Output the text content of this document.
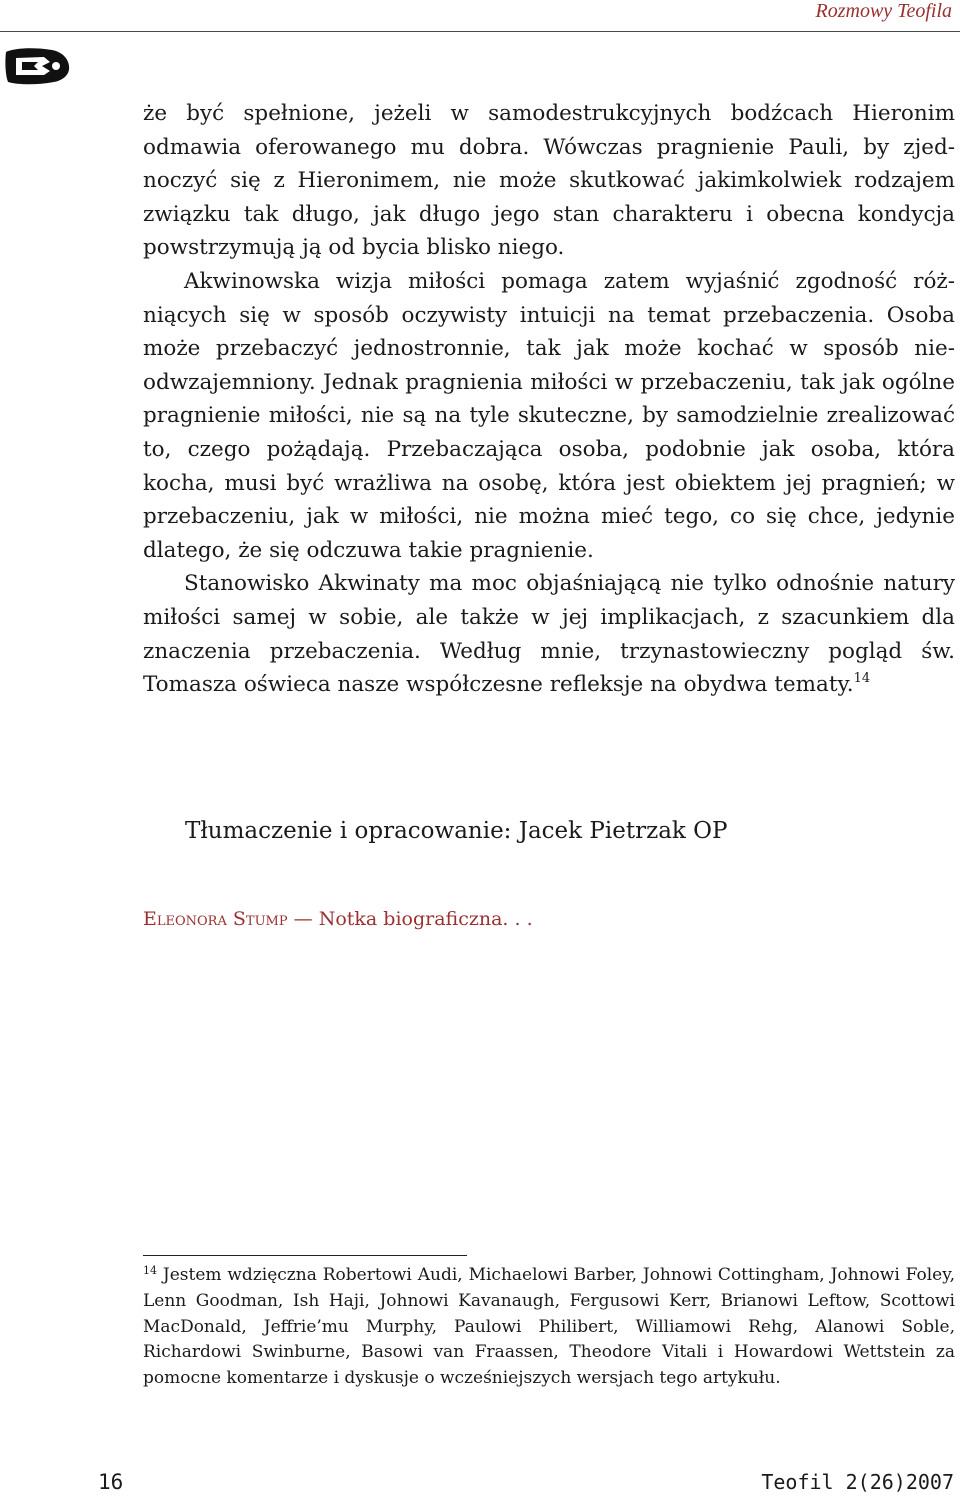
Rozmowy Teofila

że być spełnione, jeżeli w samodestrukcyjnych bodźcach Hieronim odmawia oferowanego mu dobra. Wówczas pragnienie Pauli, by zjednoczyć się z Hieronimem, nie może skutkować jakimkolwiek rodzajem związku tak długo, jak długo jego stan charakteru i obecna kondycja powstrzymują ją od bycia blisko niego.

Akwinowska wizja miłości pomaga zatem wyjaśnić zgodność różniących się w sposób oczywisty intuicji na temat przebaczenia. Osoba może przebaczyć jednostronnie, tak jak może kochać w sposób nieodwzajemniony. Jednak pragnienia miłości w przebaczeniu, tak jak ogólne pragnienie miłości, nie są na tyle skuteczne, by samodzielnie zrealizować to, czego pożądają. Przebaczająca osoba, podobnie jak osoba, która kocha, musi być wrażliwa na osobę, która jest obiektem jej pragnień; w przebaczeniu, jak w miłości, nie można mieć tego, co się chce, jedynie dlatego, że się odczuwa takie pragnienie.

Stanowisko Akwinaty ma moc objaśniającą nie tylko odnośnie natury miłości samej w sobie, ale także w jej implikacjach, z szacunkiem dla znaczenia przebaczenia. Według mnie, trzynastowieczny pogląd św. Tomasza oświeca nasze współczesne refleksje na obydwa tematy.$^{14}$

Tłumaczenie i opracowanie: Jacek Pietrzak OP
Eleonora Stump — Notka biograficzna. . .
$^{14}$ Jestem wdzięczna Robertowi Audi, Michaelowi Barber, Johnowi Cottingham, Johnowi Foley, Lenn Goodman, Ish Haji, Johnowi Kavanaugh, Fergusowi Kerr, Brianowi Leftow, Scottowi MacDonald, Jeffrie’mu Murphy, Paulowi Philibert, Williamowi Rehg, Alanowi Soble, Richardowi Swinburne, Basowi van Fraassen, Theodore Vitali i Howardowi Wettstein za pomocne komentarze i dyskusje o wcześniejszych wersjach tego artykułu.
16	Teofil 2(26)2007
